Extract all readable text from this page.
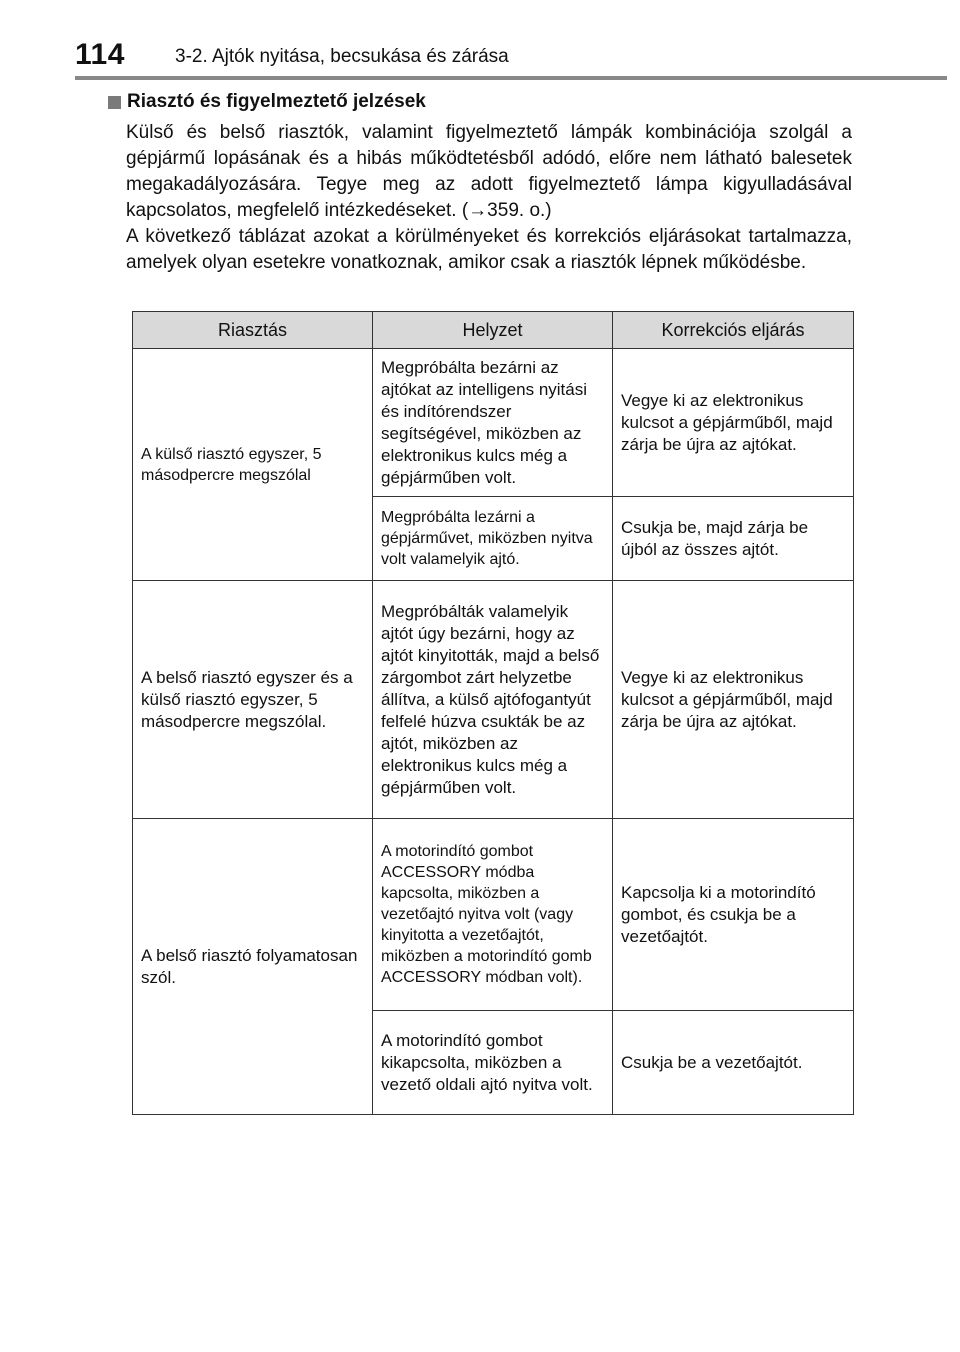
114	3-2. Ajtók nyitása, becsukása és zárása
Riasztó és figyelmeztető jelzések

Külső és belső riasztók, valamint figyelmeztető lámpák kombinációja szolgál a gépjármű lopásának és a hibás működtetésből adódó, előre nem látható balesetek megakadályozására. Tegye meg az adott figyelmeztető lámpa kigyulladásával kapcsolatos, megfelelő intézkedéseket. (→359. o.)

A következő táblázat azokat a körülményeket és korrekciós eljárásokat tartalmazza, amelyek olyan esetekre vonatkoznak, amikor csak a riasztók lépnek működésbe.

Riasztás	Helyzet	Korrekciós eljárás
A külső riasztó egyszer, 5 másodpercre megszólal	Megpróbálta bezárni az ajtókat az intelligens nyitási és indítórendszer segítségével, miközben az elektronikus kulcs még a gépjárműben volt.	Vegye ki az elektronikus kulcsot a gépjárműből, majd zárja be újra az ajtókat.
	Megpróbálta lezárni a gépjárművet, miközben nyitva volt valamelyik ajtó.	Csukja be, majd zárja be újból az összes ajtót.
A belső riasztó egyszer és a külső riasztó egyszer, 5 másodpercre megszólal.	Megpróbálták valamelyik ajtót úgy bezárni, hogy az ajtót kinyitották, majd a belső zárgombot zárt helyzetbe állítva, a külső ajtófogantyút felfelé húzva csukták be az ajtót, miközben az elektronikus kulcs még a gépjárműben volt.	Vegye ki az elektronikus kulcsot a gépjárműből, majd zárja be újra az ajtókat.
A belső riasztó folyamatosan szól.	A motorindító gombot ACCESSORY módba kapcsolta, miközben a vezetőajtó nyitva volt (vagy kinyitotta a vezetőajtót, miközben a motorindító gomb ACCESSORY módban volt).	Kapcsolja ki a motorindító gombot, és csukja be a vezetőajtót.
	A motorindító gombot kikapcsolta, miközben a vezető oldali ajtó nyitva volt.	Csukja be a vezetőajtót.
